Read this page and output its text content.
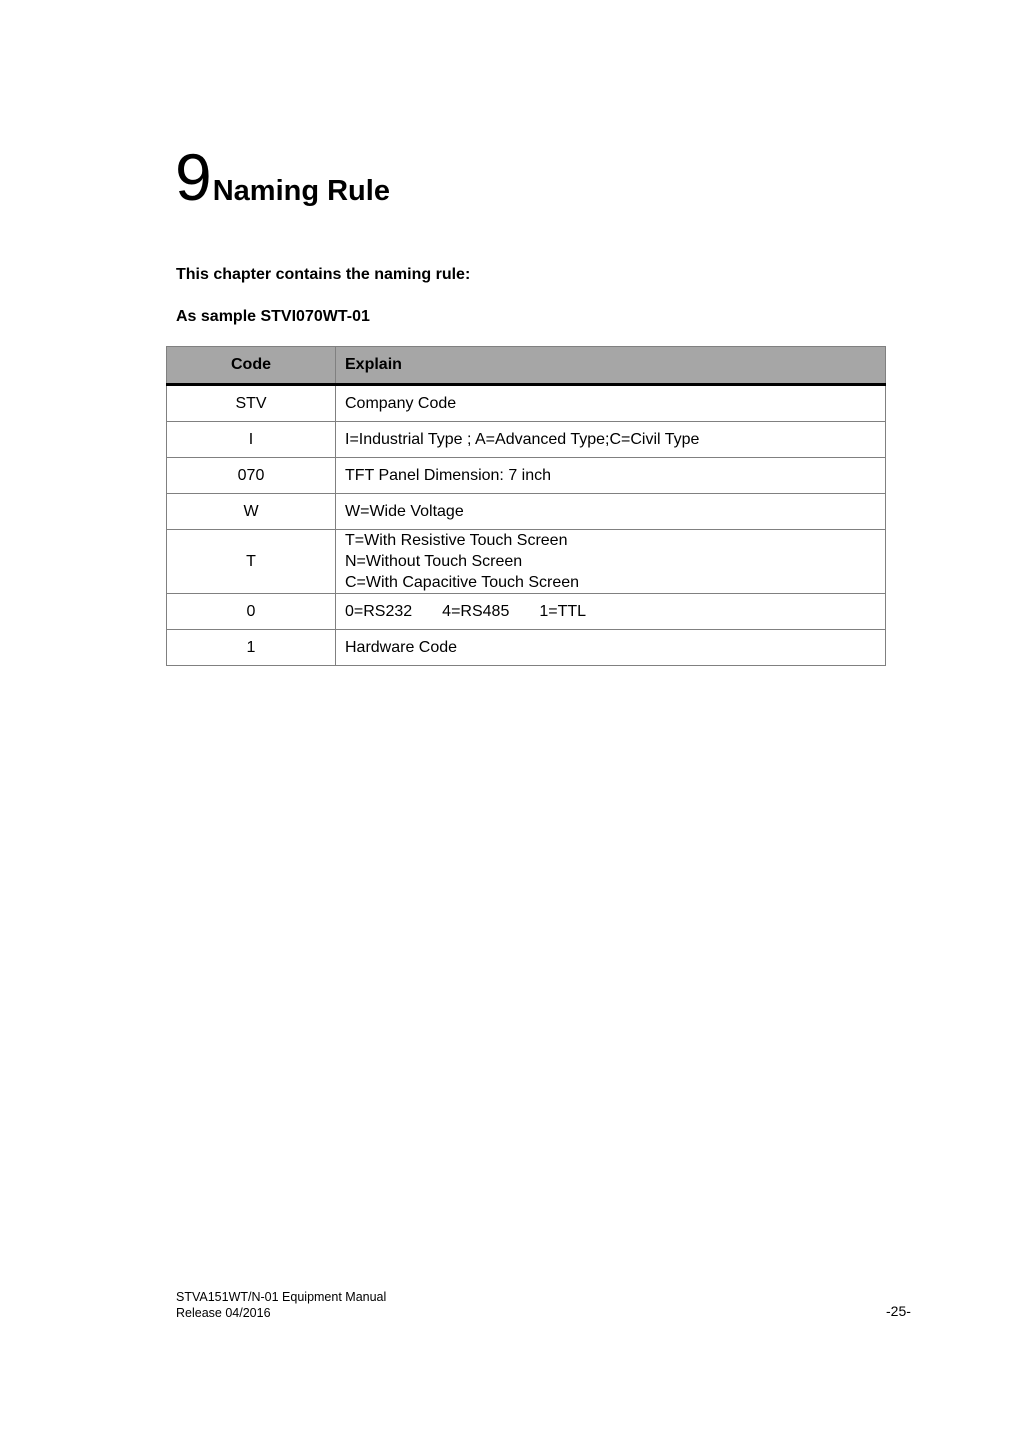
9Naming Rule
This chapter contains the naming rule:
As sample STVI070WT-01
Code	Explain
STV	Company Code

I	I=Industrial Type ; A=Advanced Type;C=Civil Type

070	TFT Panel Dimension: 7 inch

W	W=Wide Voltage

T	T=With Resistive Touch Screen
N=Without Touch Screen
C=With Capacitive Touch Screen

0	0=RS232 4=RS485 1=TTL
1	Hardware Code
STVA151WT/N-01 Equipment Manual
Release 04/2016	-25-
